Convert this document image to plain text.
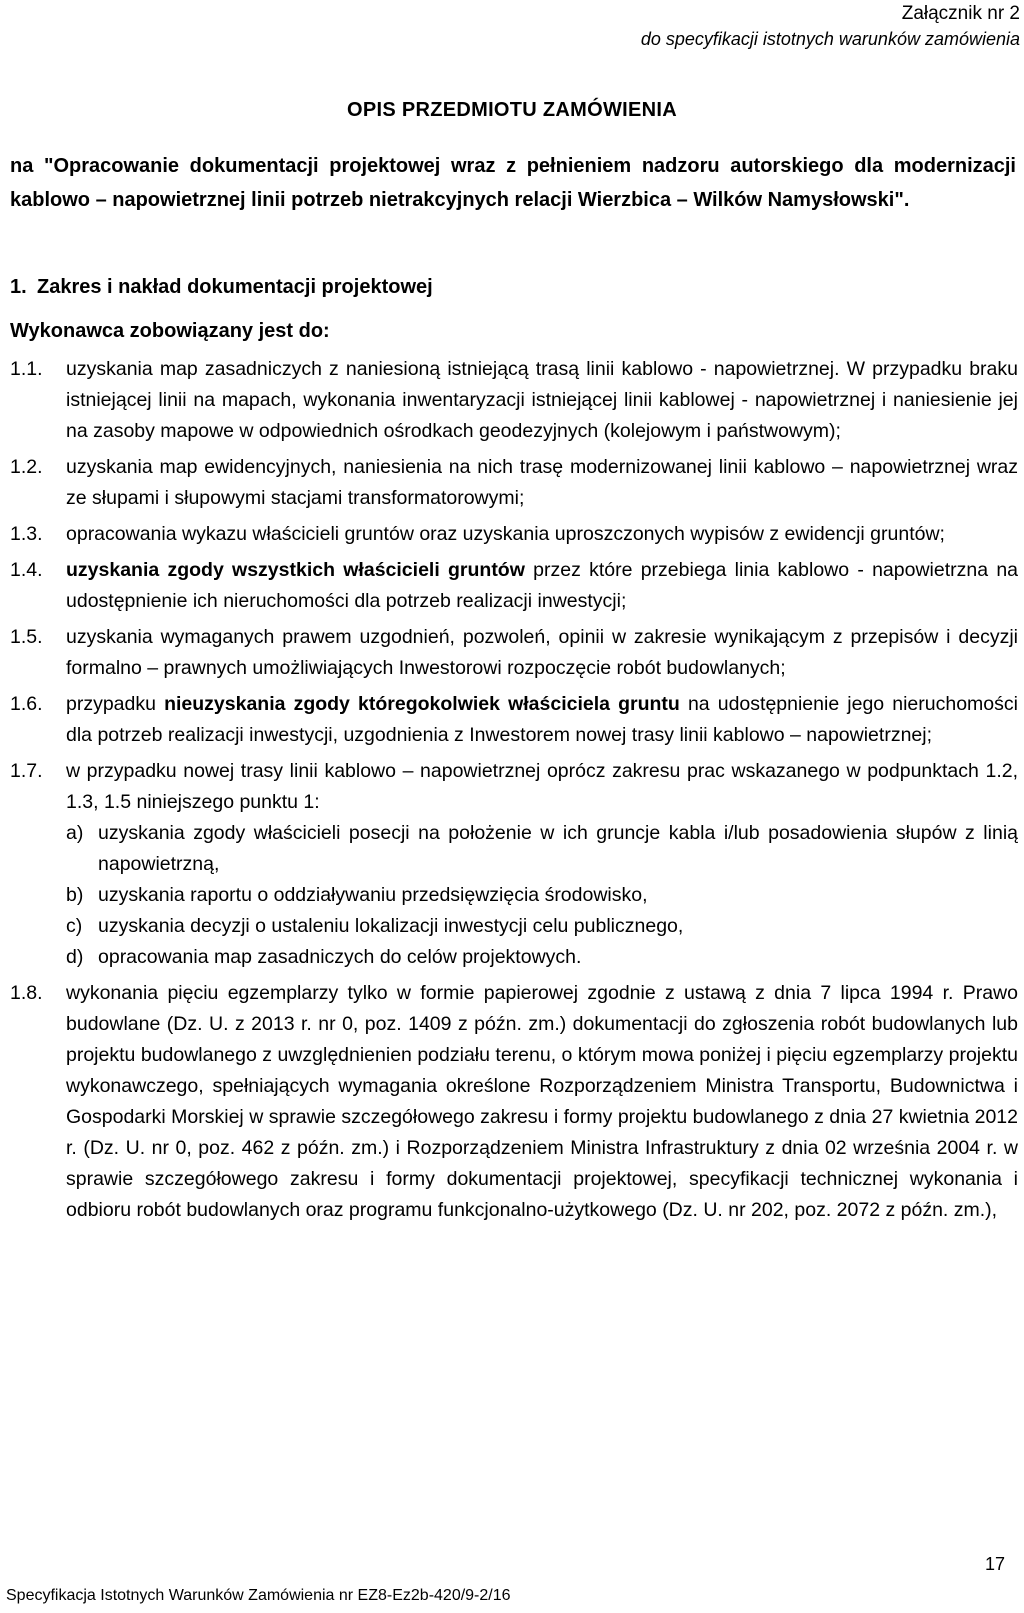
Załącznik nr 2
do specyfikacji istotnych warunków zamówienia
OPIS PRZEDMIOTU ZAMÓWIENIA
na "Opracowanie dokumentacji projektowej wraz z pełnieniem nadzoru autorskiego dla modernizacji kablowo – napowietrznej linii potrzeb nietrakcyjnych relacji Wierzbica – Wilków Namysłowski".
1. Zakres i nakład dokumentacji projektowej
Wykonawca zobowiązany jest do:
1.1.	uzyskania map zasadniczych z naniesioną istniejącą trasą linii kablowo - napowietrznej. W przypadku braku istniejącej linii na mapach, wykonania inwentaryzacji istniejącej linii kablowej - napowietrznej i naniesienie jej na zasoby mapowe w odpowiednich ośrodkach geodezyjnych (kolejowym i państwowym);
1.2.	uzyskania map ewidencyjnych, naniesienia na nich trasę modernizowanej linii kablowo – napowietrznej wraz ze słupami i słupowymi stacjami transformatorowymi;
1.3.	opracowania wykazu właścicieli gruntów oraz uzyskania uproszczonych wypisów z ewidencji gruntów;
1.4.	uzyskania zgody wszystkich właścicieli gruntów przez które przebiega linia kablowo - napowietrzna na udostępnienie ich nieruchomości dla potrzeb realizacji inwestycji;
1.5.	uzyskania wymaganych prawem uzgodnień, pozwoleń, opinii w zakresie wynikającym z przepisów i decyzji formalno – prawnych umożliwiających Inwestorowi rozpoczęcie robót budowlanych;
1.6.	przypadku nieuzyskania zgody któregokolwiek właściciela gruntu na udostępnienie jego nieruchomości dla potrzeb realizacji inwestycji, uzgodnienia z Inwestorem nowej trasy linii kablowo – napowietrznej;
1.7.	w przypadku nowej trasy linii kablowo – napowietrznej oprócz zakresu prac wskazanego w podpunktach 1.2, 1.3, 1.5 niniejszego punktu 1:
a) uzyskania zgody właścicieli posecji na położenie w ich gruncje kabla i/lub posadowienia słupów z linią napowietrzną,
b) uzyskania raportu o oddziaływaniu przedsięwzięcia środowisko,
c) uzyskania decyzji o ustaleniu lokalizacji inwestycji celu publicznego,
d) opracowania map zasadniczych do celów projektowych.
1.8.	wykonania pięciu egzemplarzy tylko w formie papierowej zgodnie z ustawą z dnia 7 lipca 1994 r. Prawo budowlane (Dz. U. z 2013 r. nr 0, poz. 1409 z późn. zm.) dokumentacji do zgłoszenia robót budowlanych lub projektu budowlanego z uwzględnienien podziału terenu, o którym mowa poniżej i pięciu egzemplarzy projektu wykonawczego, spełniających wymagania określone Rozporządzeniem Ministra Transportu, Budownictwa i Gospodarki Morskiej w sprawie szczegółowego zakresu i formy projektu budowlanego z dnia 27 kwietnia 2012 r. (Dz. U. nr 0, poz. 462 z późn. zm.) i Rozporządzeniem Ministra Infrastruktury z dnia 02 września 2004 r. w sprawie szczegółowego zakresu i formy dokumentacji projektowej, specyfikacji technicznej wykonania i odbioru robót budowlanych oraz programu funkcjonalno-użytkowego (Dz. U. nr 202, poz. 2072 z późn. zm.),
17
Specyfikacja Istotnych Warunków Zamówienia nr EZ8-Ez2b-420/9-2/16
